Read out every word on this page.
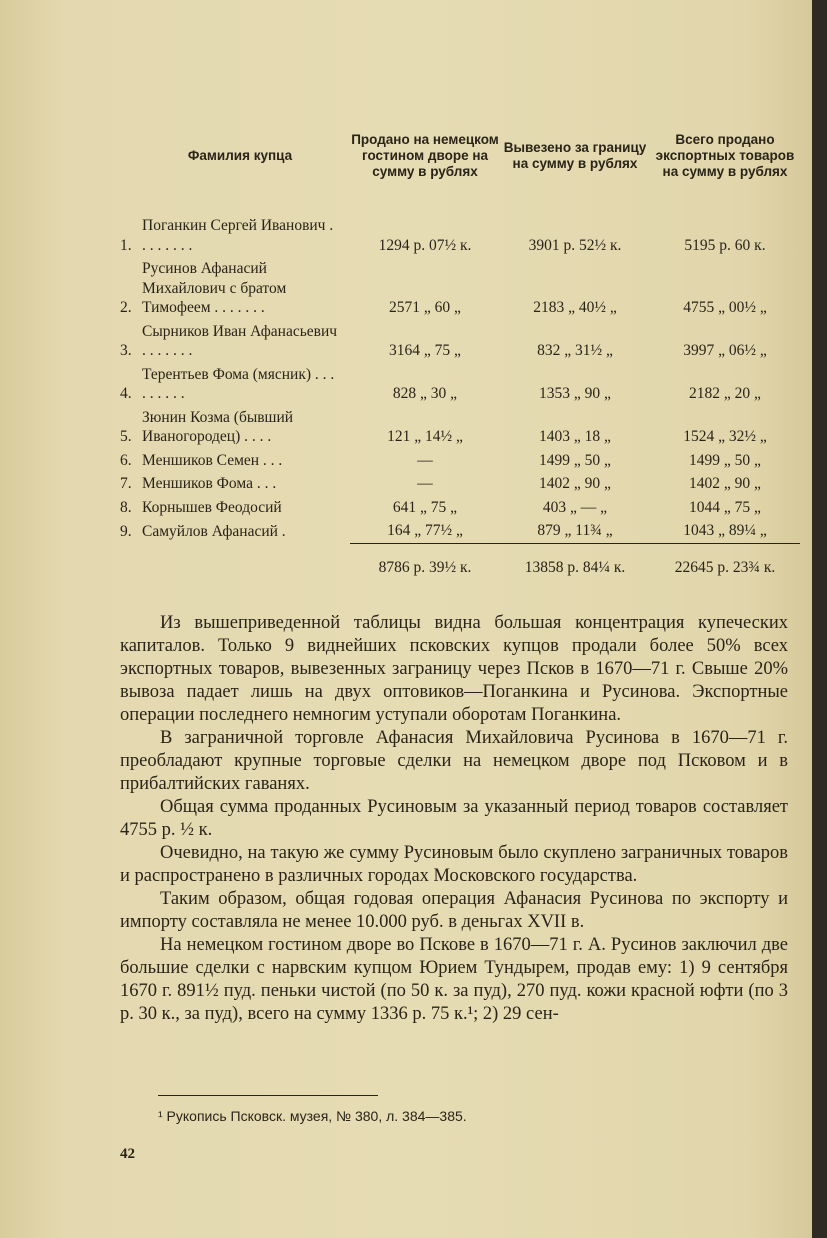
Фамилия купца	Продано на немецком гостином дворе на сумму в рублях	Вывезено за границу на сумму в рублях	Всего продано экспортных товаров на сумму в рублях
1.Поганкин Сергей Иванович . . . . . . . .	1294 р. 07½ к.	3901 р. 52½ к.	5195 р. 60 к.
2.Русинов Афанасий Михайлович с братом Тимофеем . . . . . . .	2571 „ 60 „	2183 „ 40½ „	4755 „ 00½ „
3.Сырников Иван Афанасьевич . . . . . . .	3164 „ 75 „	832 „ 31½ „	3997 „ 06½ „
4.Терентьев Фома (мясник) . . . . . . . . .	828 „ 30 „	1353 „ 90 „	2182 „ 20 „
5.Зюнин Козма (бывший Иваногородец) . . . .	121 „ 14½ „	1403 „ 18 „	1524 „ 32½ „
6. Меншиков Семен . . .	—	1499 „ 50 „	1499 „ 50 „
7. Меншиков Фома . . .	—	1402 „ 90 „	1402 „ 90 „
8. Корнышев Феодосий	641 „ 75 „	403 „ — „	1044 „ 75 „
9. Самуйлов Афанасий .	164 „ 77½ „	879 „ 11¾ „	1043 „ 89¼ „
	8786 р. 39½ к.	13858 р. 84¼ к.	22645 р. 23¾ к.

Из вышеприведенной таблицы видна большая концентрация купеческих капиталов. Только 9 виднейших псковских купцов продали более 50% всех экспортных товаров, вывезенных заграницу через Псков в 1670—71 г. Свыше 20% вывоза падает лишь на двух оптовиков—Поганкина и Русинова. Экспортные операции последнего немногим уступали оборотам Поганкина.

В заграничной торговле Афанасия Михайловича Русинова в 1670—71 г. преобладают крупные торговые сделки на немецком дворе под Псковом и в прибалтийских гаванях.

Общая сумма проданных Русиновым за указанный период товаров составляет 4755 р. ½ к.

Очевидно, на такую же сумму Русиновым было скуплено заграничных товаров и распространено в различных городах Московского государства.

Таким образом, общая годовая операция Афанасия Русинова по экспорту и импорту составляла не менее 10.000 руб. в деньгах XVII в.

На немецком гостином дворе во Пскове в 1670—71 г. А. Русинов заключил две большие сделки с нарвским купцом Юрием Тундырем, продав ему: 1) 9 сентября 1670 г. 891½ пуд. пеньки чистой (по 50 к. за пуд), 270 пуд. кожи красной юфти (по 3 р. 30 к., за пуд), всего на сумму 1336 р. 75 к.¹; 2) 29 сен-

¹ Рукопись Псковск. музея, № 380, л. 384—385.
42
